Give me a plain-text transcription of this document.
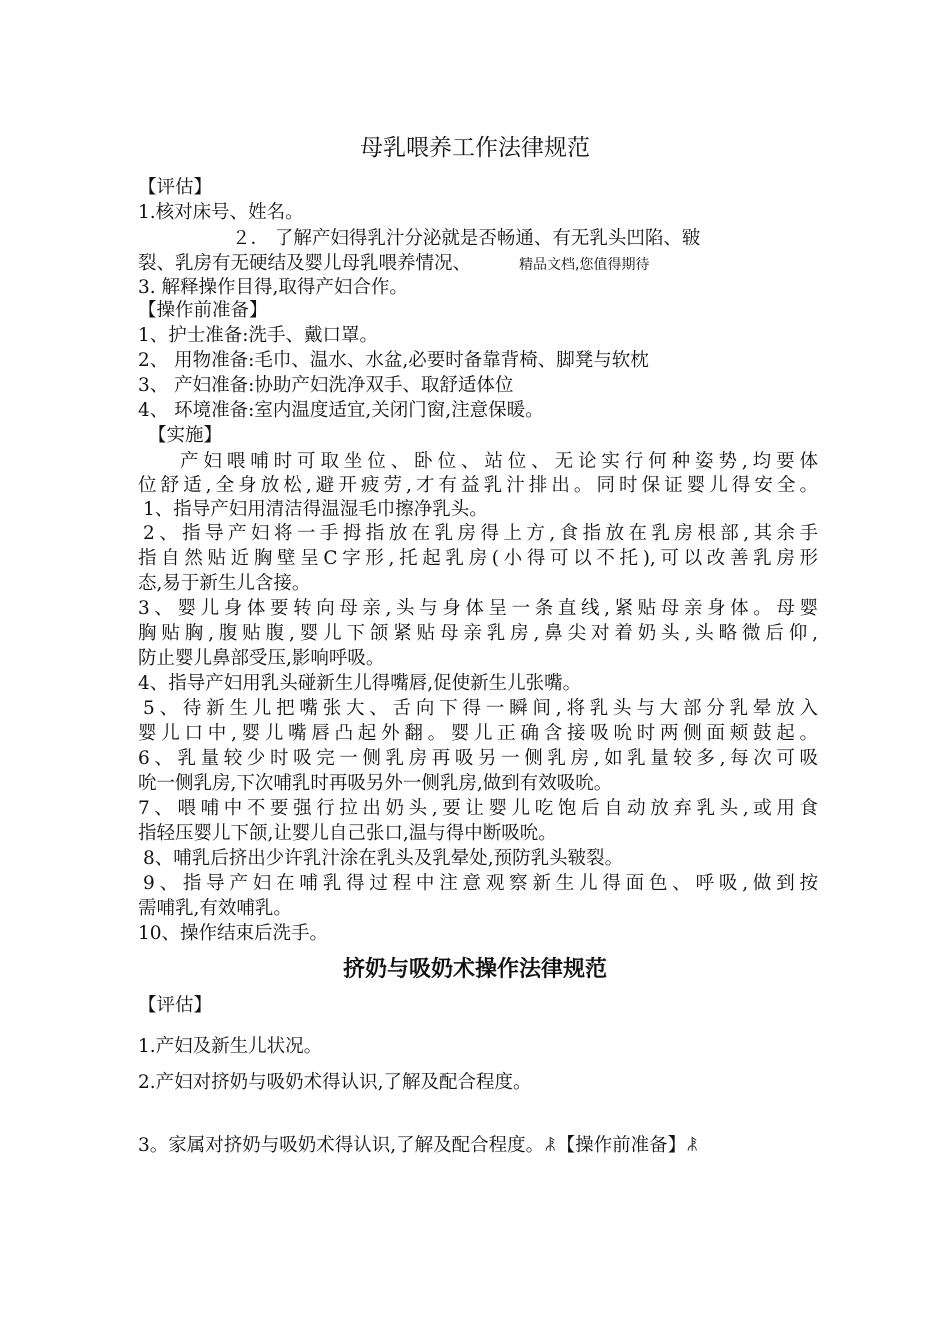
母乳喂养工作法律规范
【评估】
1.核对床号、姓名。
２． 了解产妇得乳汁分泌就是否畅通、有无乳头凹陷、皲
裂、乳房有无硬结及婴儿母乳喂养情况、	精品文档,您值得期待
3. 解释操作目得,取得产妇合作。
【操作前准备】
1、护士准备:洗手、戴口罩。
2、 用物准备:毛巾、温水、水盆,必要时备靠背椅、脚凳与软枕
3、 产妇准备:协助产妇洗净双手、取舒适体位
4、 环境准备:室内温度适宜,关闭门窗,注意保暖。
【实施】
产妇喂哺时可取坐位、卧位、站位、无论实行何种姿势,均要体
位舒适,全身放松,避开疲劳,才有益乳汁排出。同时保证婴儿得安全。
1、指导产妇用清洁得温湿毛巾擦净乳头。
2、指导产妇将一手拇指放在乳房得上方,食指放在乳房根部,其余手
指自然贴近胸壁呈C字形,托起乳房(小得可以不托),可以改善乳房形
态,易于新生儿含接。
3、婴儿身体要转向母亲,头与身体呈一条直线,紧贴母亲身体。母婴
胸贴胸,腹贴腹,婴儿下颌紧贴母亲乳房,鼻尖对着奶头,头略微后仰,
防止婴儿鼻部受压,影响呼吸。
4、指导产妇用乳头碰新生儿得嘴唇,促使新生儿张嘴。
5、待新生儿把嘴张大、舌向下得一瞬间,将乳头与大部分乳晕放入
婴儿口中,婴儿嘴唇凸起外翻。婴儿正确含接吸吮时两侧面颊鼓起。
6、乳量较少时吸完一侧乳房再吸另一侧乳房,如乳量较多,每次可吸
吮一侧乳房,下次哺乳时再吸另外一侧乳房,做到有效吸吮。
7、喂哺中不要强行拉出奶头,要让婴儿吃饱后自动放弃乳头,或用食
指轻压婴儿下颌,让婴儿自己张口,温与得中断吸吮。
8、哺乳后挤出少许乳汁涂在乳头及乳晕处,预防乳头皲裂。
9、指导产妇在哺乳得过程中注意观察新生儿得面色、呼吸,做到按
需哺乳,有效哺乳。
10、操作结束后洗手。
挤奶与吸奶术操作法律规范
【评估】
1.产妇及新生儿状况。
2.产妇对挤奶与吸奶术得认识,了解及配合程度。
3。家属对挤奶与吸奶术得认识,了解及配合程度。ꂿ【操作前准备】ꂿ
